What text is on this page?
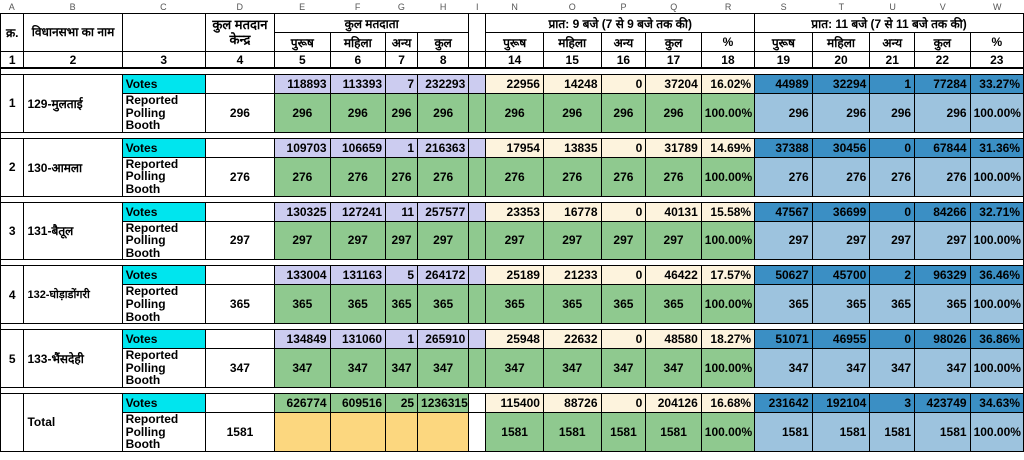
A	B	C	D	E	F	G	H	I	N	O	P	Q	R	S	T	U	V	W
क्र.	विधानसभा का नाम		कुल मतदान केन्द्र	कुल मतदाता					प्रात: 9 बजे (7 से 9 बजे तक की)					प्रात: 11 बजे (7 से 11 बजे तक की)				
				पुरूष	महिला	अन्य	कुल		पुरूष	महिला	अन्य	कुल	%	पुरूष	महिला	अन्य	कुल	%
1	2	3	4	5	6	7	8		14	15	16	17	18	19	20	21	22	23

1	129-मुलताई	Votes		118893	113393	7	232293		22956	14248	0	37204	16.02%	44989	32294	1	77284	33.27%
		Reported Polling Booth	296	296	296	296	296		296	296	296	296	100.00%	296	296	296	296	100.00%

2	130-आमला	Votes		109703	106659	1	216363		17954	13835	0	31789	14.69%	37388	30456	0	67844	31.36%
		Reported Polling Booth	276	276	276	276	276		276	276	276	276	100.00%	276	276	276	276	100.00%

3	131-बैतूल	Votes		130325	127241	11	257577		23353	16778	0	40131	15.58%	47567	36699	0	84266	32.71%
		Reported Polling Booth	297	297	297	297	297		297	297	297	297	100.00%	297	297	297	297	100.00%

4	132-घोड़ाडोंगरी	Votes		133004	131163	5	264172		25189	21233	0	46422	17.57%	50627	45700	2	96329	36.46%
		Reported Polling Booth	365	365	365	365	365		365	365	365	365	100.00%	365	365	365	365	100.00%

5	133-भैंसदेही	Votes		134849	131060	1	265910		25948	22632	0	48580	18.27%	51071	46955	0	98026	36.86%
		Reported Polling Booth	347	347	347	347	347		347	347	347	347	100.00%	347	347	347	347	100.00%

	Total	Votes		626774	609516	25	1236315		115400	88726	0	204126	16.68%	231642	192104	3	423749	34.63%
		Reported Polling Booth	1581						1581	1581	1581	1581	100.00%	1581	1581	1581	1581	100.00%
